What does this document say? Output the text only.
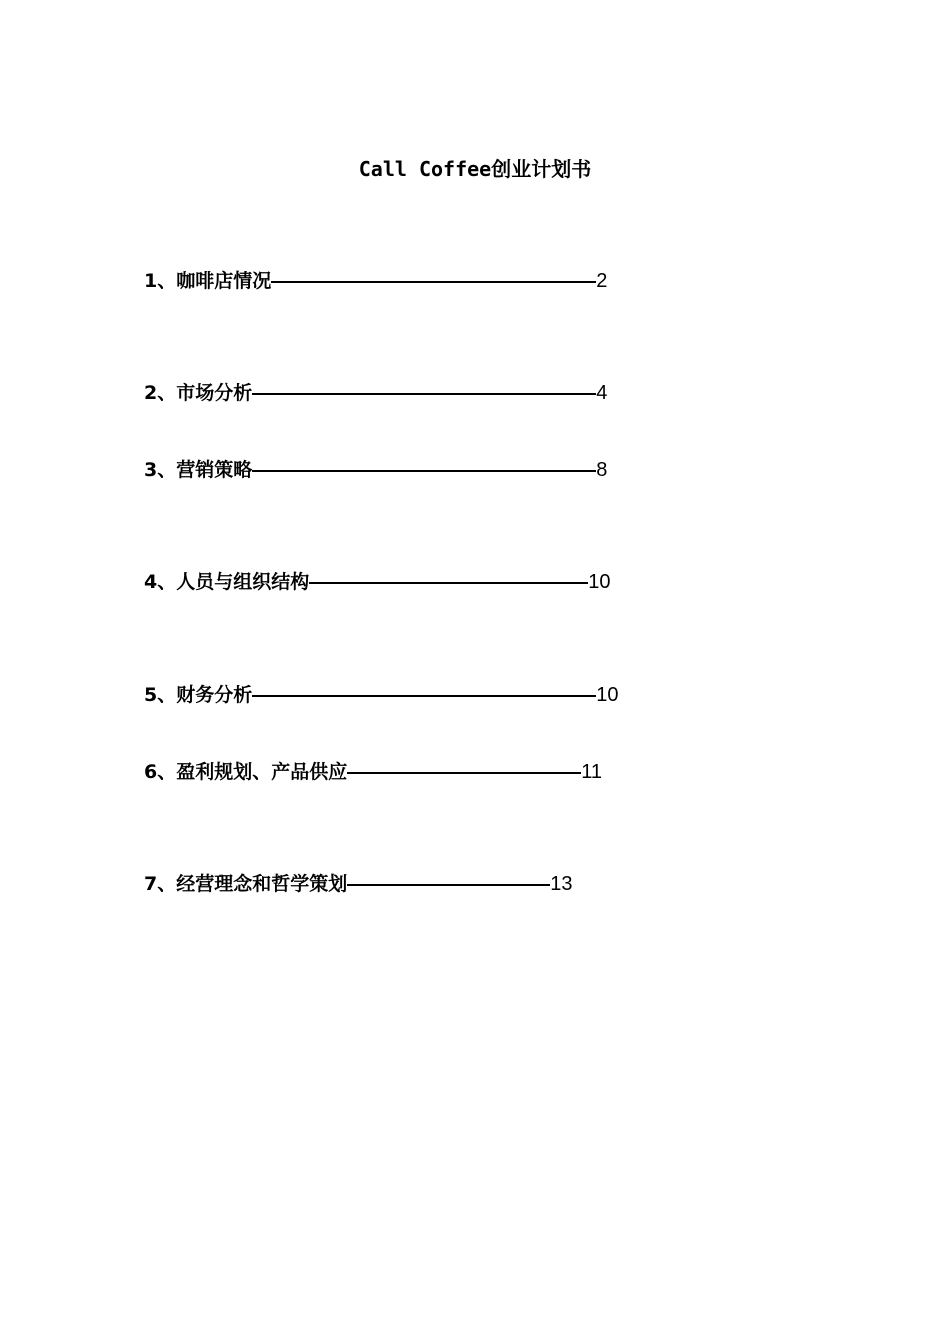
Call Coffee创业计划书
1、 咖啡店情况	2
2、 市场分析	4
3、 营销策略	8
4、 人员与组织结构	10
5、 财务分析	10
6、 盈利规划、产品供应	11
7、 经营理念和哲学策划	13
